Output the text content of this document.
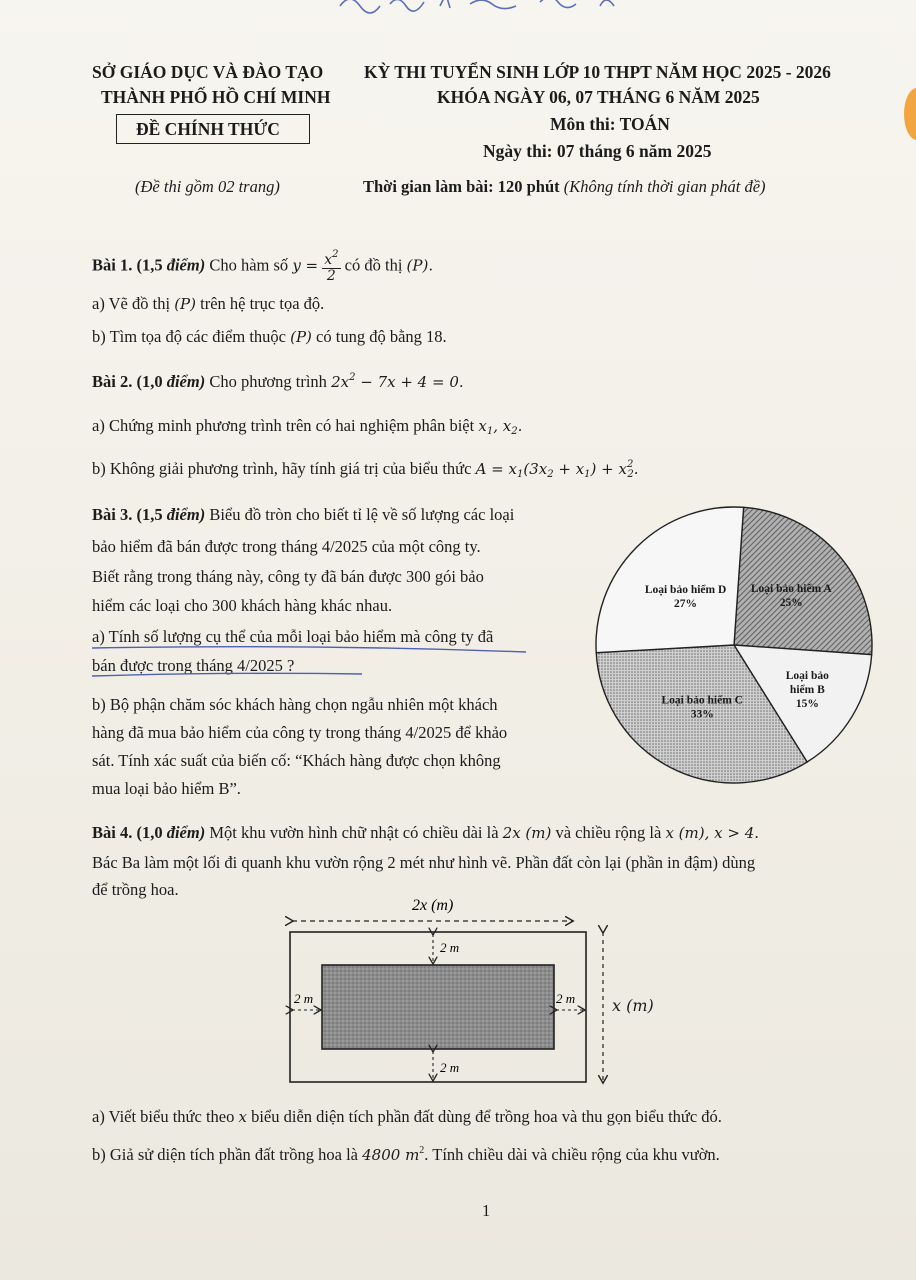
SỞ GIÁO DỤC VÀ ĐÀO TẠO
THÀNH PHỐ HỒ CHÍ MINH
ĐỀ CHÍNH THỨC
(Đề thi gồm 02 trang)
KỲ THI TUYỂN SINH LỚP 10 THPT NĂM HỌC 2025 - 2026
KHÓA NGÀY 06, 07 THÁNG 6 NĂM 2025
Môn thi: TOÁN
Ngày thi: 07 tháng 6 năm 2025
Thời gian làm bài: 120 phút (Không tính thời gian phát đề)
Bài 1. (1,5 điểm) Cho hàm số $y = \frac{x^2}{2}$ có đồ thị (P).
a) Vẽ đồ thị (P) trên hệ trục tọa độ.
b) Tìm tọa độ các điểm thuộc (P) có tung độ bằng 18.
Bài 2. (1,0 điểm) Cho phương trình $2x^2 - 7x + 4 = 0$.
a) Chứng minh phương trình trên có hai nghiệm phân biệt $x_1$, $x_2$.
b) Không giải phương trình, hãy tính giá trị của biểu thức $A = x_1(3x_2 + x_1) + x^2_2$.
Bài 3. (1,5 điểm) Biểu đồ tròn cho biết tỉ lệ về số lượng các loại
bảo hiểm đã bán được trong tháng 4/2025 của một công ty.
Biết rằng trong tháng này, công ty đã bán được 300 gói bảo
hiểm các loại cho 300 khách hàng khác nhau.
a) Tính số lượng cụ thể của mỗi loại bảo hiểm mà công ty đã
bán được trong tháng 4/2025 ?
b) Bộ phận chăm sóc khách hàng chọn ngẫu nhiên một khách
hàng đã mua bảo hiểm của công ty trong tháng 4/2025 để khảo
sát. Tính xác suất của biến cố: “Khách hàng được chọn không
mua loại bảo hiểm B”.
Loại bảo hiểm A
25%
Loại bảo
hiểm B
15%
Loại bảo hiểm C
33%
Loại bảo hiểm D
27%
Bài 4. (1,0 điểm) Một khu vườn hình chữ nhật có chiều dài là 2x (m) và chiều rộng là x (m), x > 4.
Bác Ba làm một lối đi quanh khu vườn rộng 2 mét như hình vẽ. Phần đất còn lại (phần in đậm) dùng
để trồng hoa.
2x (m)
2 m
2 m
2 m	2 m x (m)
a) Viết biểu thức theo x biểu diễn diện tích phần đất dùng để trồng hoa và thu gọn biểu thức đó.
b) Giả sử diện tích phần đất trồng hoa là 4800 $m^2$. Tính chiều dài và chiều rộng của khu vườn.
1
